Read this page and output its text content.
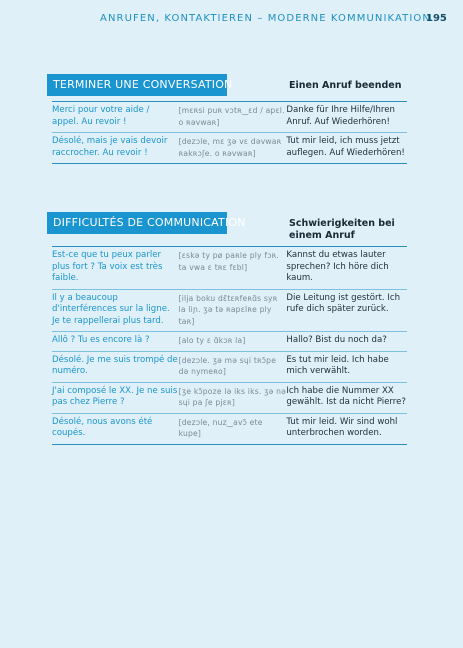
ANRUFEN, KONTAKTIEREN – MODERNE KOMMUNIKATION
195
TERMINER UNE CONVERSATION	Einen Anruf beenden
Merci pour votre aide / appel. Au revoir !
[mɛʀsi puʀ vɔtʀ‿ɛd / apɛl. o ʀəvwaʀ]
Danke für Ihre Hilfe/Ihren Anruf. Auf Wiederhören!
Désolé, mais je vais devoir raccrocher. Au revoir !
[dezɔle, mɛ ʒə vɛ dəvwaʀ ʀakʀɔʃe. o ʀəvwaʀ]
Tut mir leid, ich muss jetzt auflegen. Auf Wiederhören!
DIFFICULTÉS DE COMMUNICATION	Schwierigkeiten bei einem Anruf
Est-ce que tu peux parler plus fort ? Ta voix est très faible.
[ɛskə ty pø paʀle ply fɔʀ. ta vwa ɛ tʀɛ fɛbl]
Kannst du etwas lauter sprechen? Ich höre dich kaum.
Il y a beaucoup d'interférences sur la ligne. Je te rappellerai plus tard.
[ilja boku dɛ̃tɛʀfeʀɑ̃s syʀ la liɲ. ʒə tə ʀapɛlʀe ply taʀ]
Die Leitung ist gestört. Ich rufe dich später zurück.
Allô ? Tu es encore là ?	[alo ty ɛ ɑ̃kɔʀ la]	Hallo? Bist du noch da?
Désolé. Je me suis trompé de numéro.
[dezɔle. ʒə mə sɥi tʀɔ̃pe də nymeʀo]
Es tut mir leid. Ich habe mich verwählt.
J'ai composé le XX. Je ne suis pas chez Pierre ?
[ʒe kɔ̃poze lə iks iks. ʒə nə sɥi pa ʃe pjɛʀ]
Ich habe die Nummer XX gewählt. Ist da nicht Pierre?
Désolé, nous avons été coupés.
[dezɔle, nuz‿avɔ̃ ete kupe]
Tut mir leid. Wir sind wohl unterbrochen worden.
